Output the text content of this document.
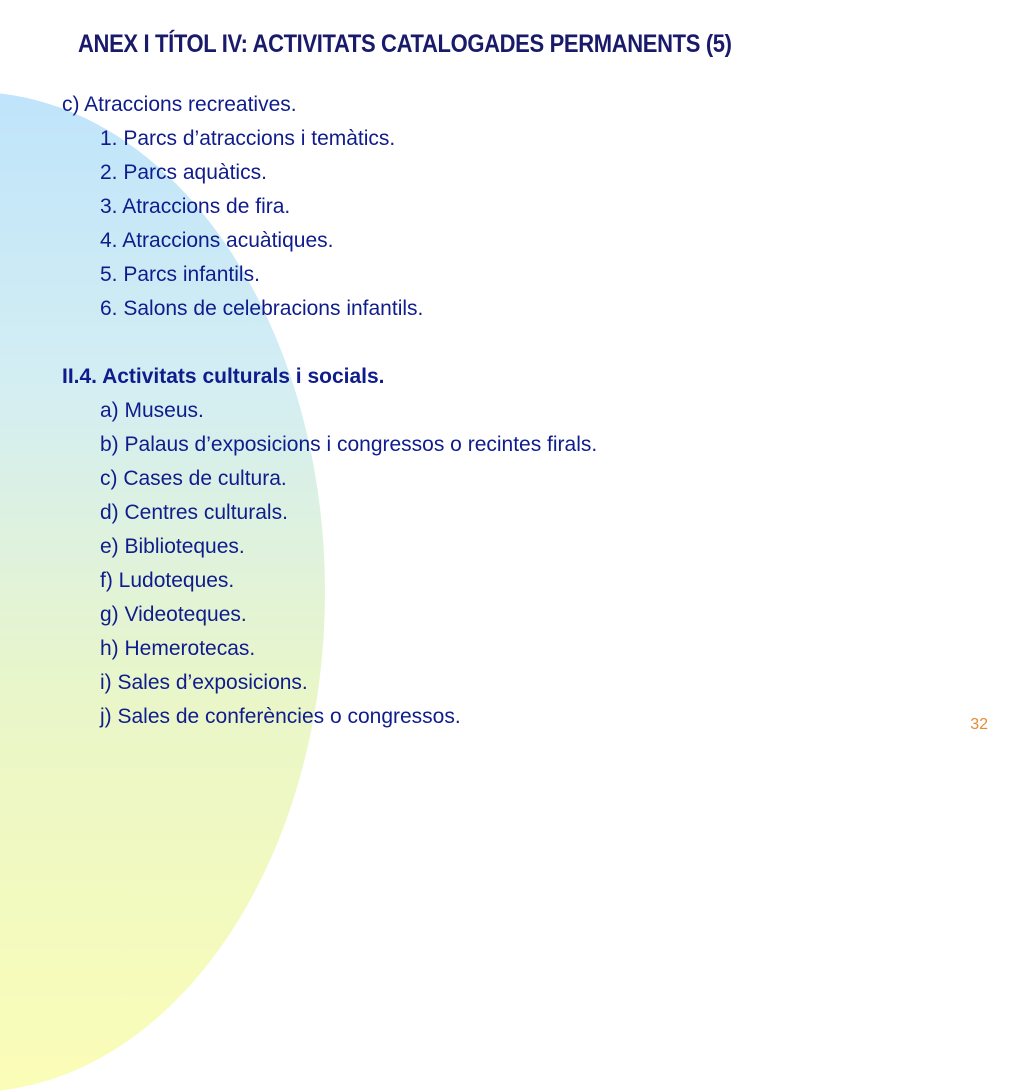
ANEX I TÍTOL IV: ACTIVITATS CATALOGADES PERMANENTS (5)
c) Atraccions recreatives.
1. Parcs d’atraccions i temàtics.
2. Parcs aquàtics.
3. Atraccions de fira.
4. Atraccions acuàtiques.
5. Parcs infantils.
6. Salons de celebracions infantils.
II.4. Activitats culturals i socials.
a) Museus.
b) Palaus d’exposicions i congressos o recintes firals.
c) Cases de cultura.
d) Centres culturals.
e) Biblioteques.
f) Ludoteques.
g) Videoteques.
h) Hemerotecas.
i) Sales d’exposicions.
j) Sales de conferències o congressos.	32
